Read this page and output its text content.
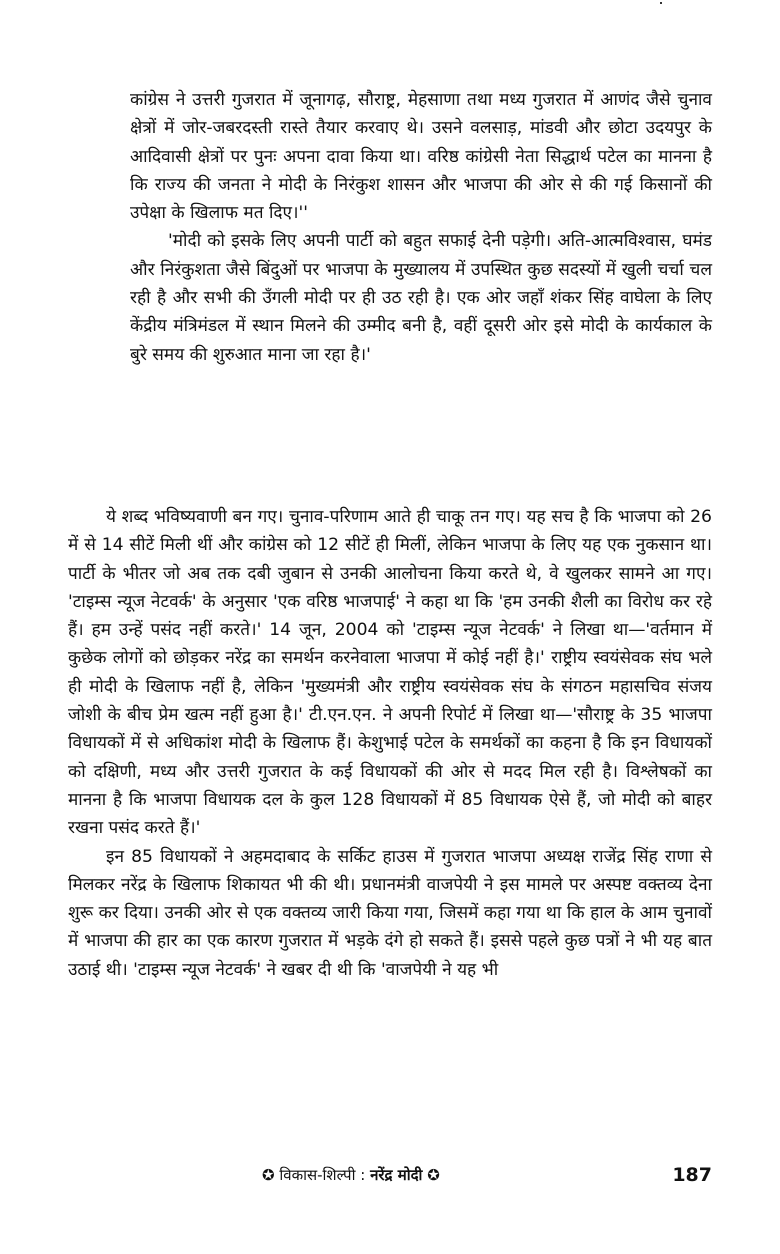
कांग्रेस ने उत्तरी गुजरात में जूनागढ़, सौराष्ट्र, मेहसाणा तथा मध्य गुजरात में आणंद जैसे चुनाव क्षेत्रों में जोर-जबरदस्ती रास्ते तैयार करवाए थे। उसने वलसाड़, मांडवी और छोटा उदयपुर के आदिवासी क्षेत्रों पर पुनः अपना दावा किया था। वरिष्ठ कांग्रेसी नेता सिद्धार्थ पटेल का मानना है कि राज्य की जनता ने मोदी के निरंकुश शासन और भाजपा की ओर से की गई किसानों की उपेक्षा के खिलाफ मत दिए।''

'मोदी को इसके लिए अपनी पार्टी को बहुत सफाई देनी पड़ेगी। अति-आत्मविश्वास, घमंड और निरंकुशता जैसे बिंदुओं पर भाजपा के मुख्यालय में उपस्थित कुछ सदस्यों में खुली चर्चा चल रही है और सभी की उँगली मोदी पर ही उठ रही है। एक ओर जहाँ शंकर सिंह वाघेला के लिए केंद्रीय मंत्रिमंडल में स्थान मिलने की उम्मीद बनी है, वहीं दूसरी ओर इसे मोदी के कार्यकाल के बुरे समय की शुरुआत माना जा रहा है।'

ये शब्द भविष्यवाणी बन गए। चुनाव-परिणाम आते ही चाकू तन गए। यह सच है कि भाजपा को 26 में से 14 सीटें मिली थीं और कांग्रेस को 12 सीटें ही मिलीं, लेकिन भाजपा के लिए यह एक नुकसान था। पार्टी के भीतर जो अब तक दबी जुबान से उनकी आलोचना किया करते थे, वे खुलकर सामने आ गए। 'टाइम्स न्यूज नेटवर्क' के अनुसार 'एक वरिष्ठ भाजपाई' ने कहा था कि 'हम उनकी शैली का विरोध कर रहे हैं। हम उन्हें पसंद नहीं करते।' 14 जून, 2004 को 'टाइम्स न्यूज नेटवर्क' ने लिखा था—'वर्तमान में कुछेक लोगों को छोड़कर नरेंद्र का समर्थन करनेवाला भाजपा में कोई नहीं है।' राष्ट्रीय स्वयंसेवक संघ भले ही मोदी के खिलाफ नहीं है, लेकिन 'मुख्यमंत्री और राष्ट्रीय स्वयंसेवक संघ के संगठन महासचिव संजय जोशी के बीच प्रेम खत्म नहीं हुआ है।' टी.एन.एन. ने अपनी रिपोर्ट में लिखा था—'सौराष्ट्र के 35 भाजपा विधायकों में से अधिकांश मोदी के खिलाफ हैं। केशुभाई पटेल के समर्थकों का कहना है कि इन विधायकों को दक्षिणी, मध्य और उत्तरी गुजरात के कई विधायकों की ओर से मदद मिल रही है। विश्लेषकों का मानना है कि भाजपा विधायक दल के कुल 128 विधायकों में 85 विधायक ऐसे हैं, जो मोदी को बाहर रखना पसंद करते हैं।'

इन 85 विधायकों ने अहमदाबाद के सर्किट हाउस में गुजरात भाजपा अध्यक्ष राजेंद्र सिंह राणा से मिलकर नरेंद्र के खिलाफ शिकायत भी की थी। प्रधानमंत्री वाजपेयी ने इस मामले पर अस्पष्ट वक्तव्य देना शुरू कर दिया। उनकी ओर से एक वक्तव्य जारी किया गया, जिसमें कहा गया था कि हाल के आम चुनावों में भाजपा की हार का एक कारण गुजरात में भड़के दंगे हो सकते हैं। इससे पहले कुछ पत्रों ने भी यह बात उठाई थी। 'टाइम्स न्यूज नेटवर्क' ने खबर दी थी कि 'वाजपेयी ने यह भी

✪ विकास-शिल्पी : नरेंद्र मोदी ✪	187
